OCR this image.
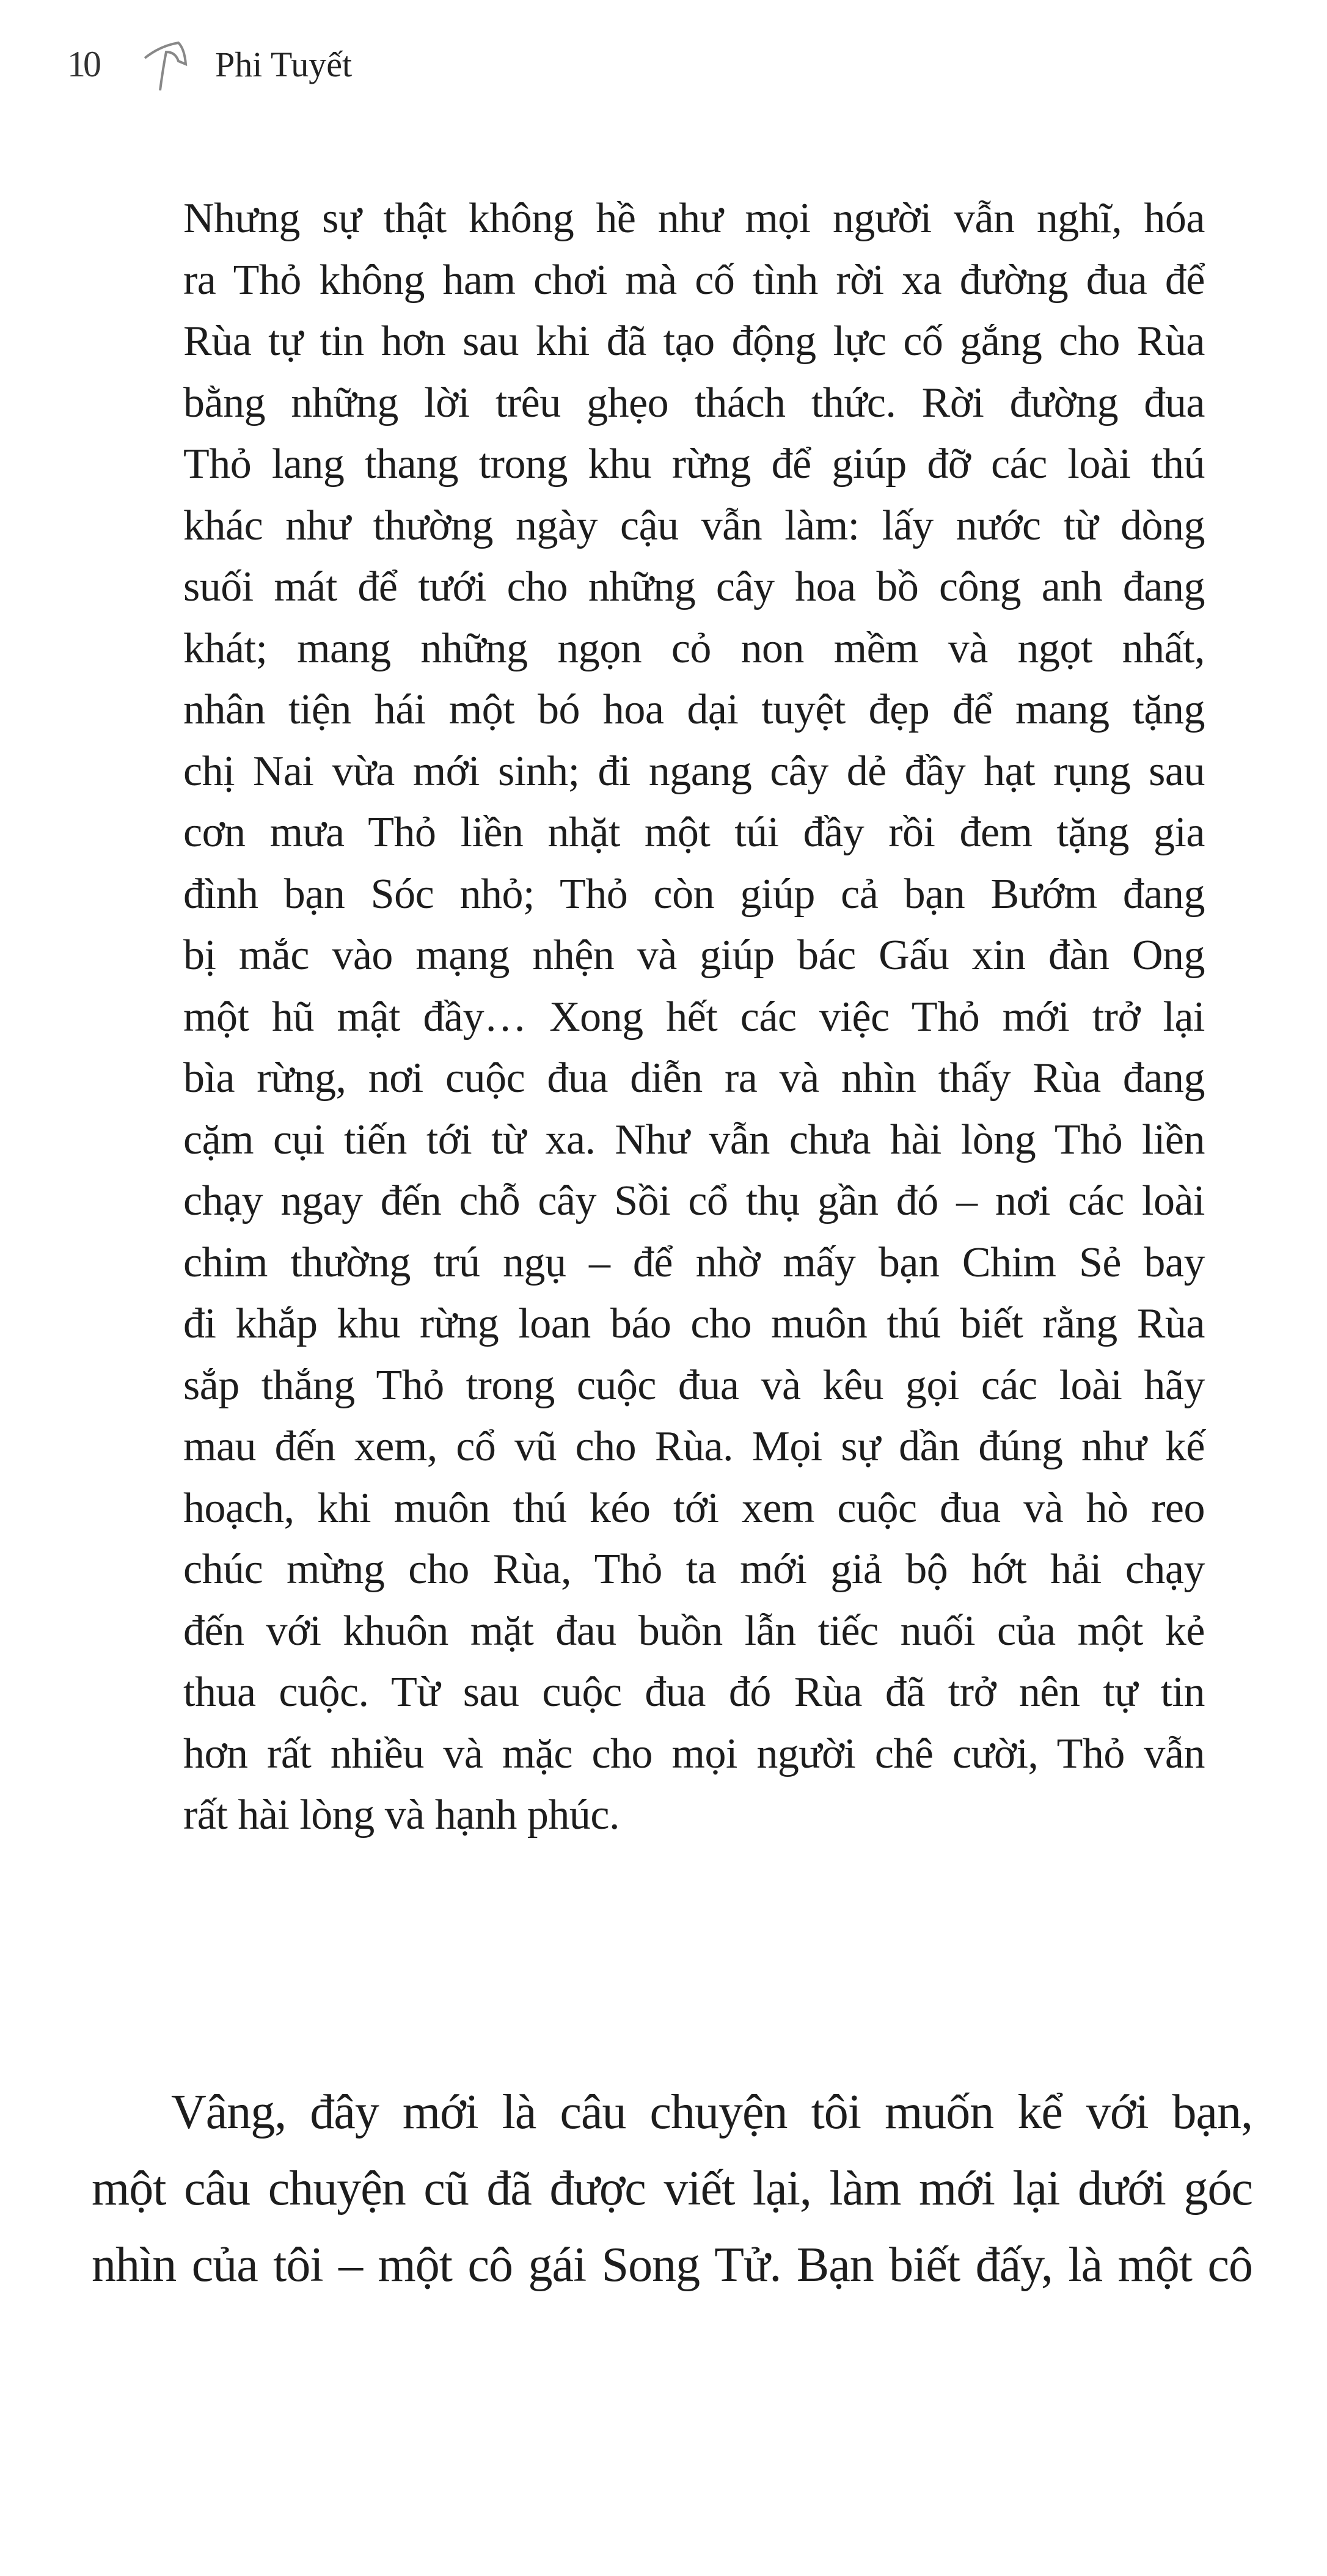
10	Phi Tuyết
Nhưng sự thật không hề như mọi người vẫn nghĩ, hóa
ra Thỏ không ham chơi mà cố tình rời xa đường đua để
Rùa tự tin hơn sau khi đã tạo động lực cố gắng cho Rùa
bằng những lời trêu ghẹo thách thức. Rời đường đua
Thỏ lang thang trong khu rừng để giúp đỡ các loài thú
khác như thường ngày cậu vẫn làm: lấy nước từ dòng
suối mát để tưới cho những cây hoa bồ công anh đang
khát; mang những ngọn cỏ non mềm và ngọt nhất,
nhân tiện hái một bó hoa dại tuyệt đẹp để mang tặng
chị Nai vừa mới sinh; đi ngang cây dẻ đầy hạt rụng sau
cơn mưa Thỏ liền nhặt một túi đầy rồi đem tặng gia
đình bạn Sóc nhỏ; Thỏ còn giúp cả bạn Bướm đang
bị mắc vào mạng nhện và giúp bác Gấu xin đàn Ong
một hũ mật đầy… Xong hết các việc Thỏ mới trở lại
bìa rừng, nơi cuộc đua diễn ra và nhìn thấy Rùa đang
cặm cụi tiến tới từ xa. Như vẫn chưa hài lòng Thỏ liền
chạy ngay đến chỗ cây Sồi cổ thụ gần đó – nơi các loài
chim thường trú ngụ – để nhờ mấy bạn Chim Sẻ bay
đi khắp khu rừng loan báo cho muôn thú biết rằng Rùa
sắp thắng Thỏ trong cuộc đua và kêu gọi các loài hãy
mau đến xem, cổ vũ cho Rùa. Mọi sự dần đúng như kế
hoạch, khi muôn thú kéo tới xem cuộc đua và hò reo
chúc mừng cho Rùa, Thỏ ta mới giả bộ hớt hải chạy
đến với khuôn mặt đau buồn lẫn tiếc nuối của một kẻ
thua cuộc. Từ sau cuộc đua đó Rùa đã trở nên tự tin
hơn rất nhiều và mặc cho mọi người chê cười, Thỏ vẫn
rất hài lòng và hạnh phúc.
Vâng, đây mới là câu chuyện tôi muốn kể với bạn,
một câu chuyện cũ đã được viết lại, làm mới lại dưới góc
nhìn của tôi – một cô gái Song Tử. Bạn biết đấy, là một cô
